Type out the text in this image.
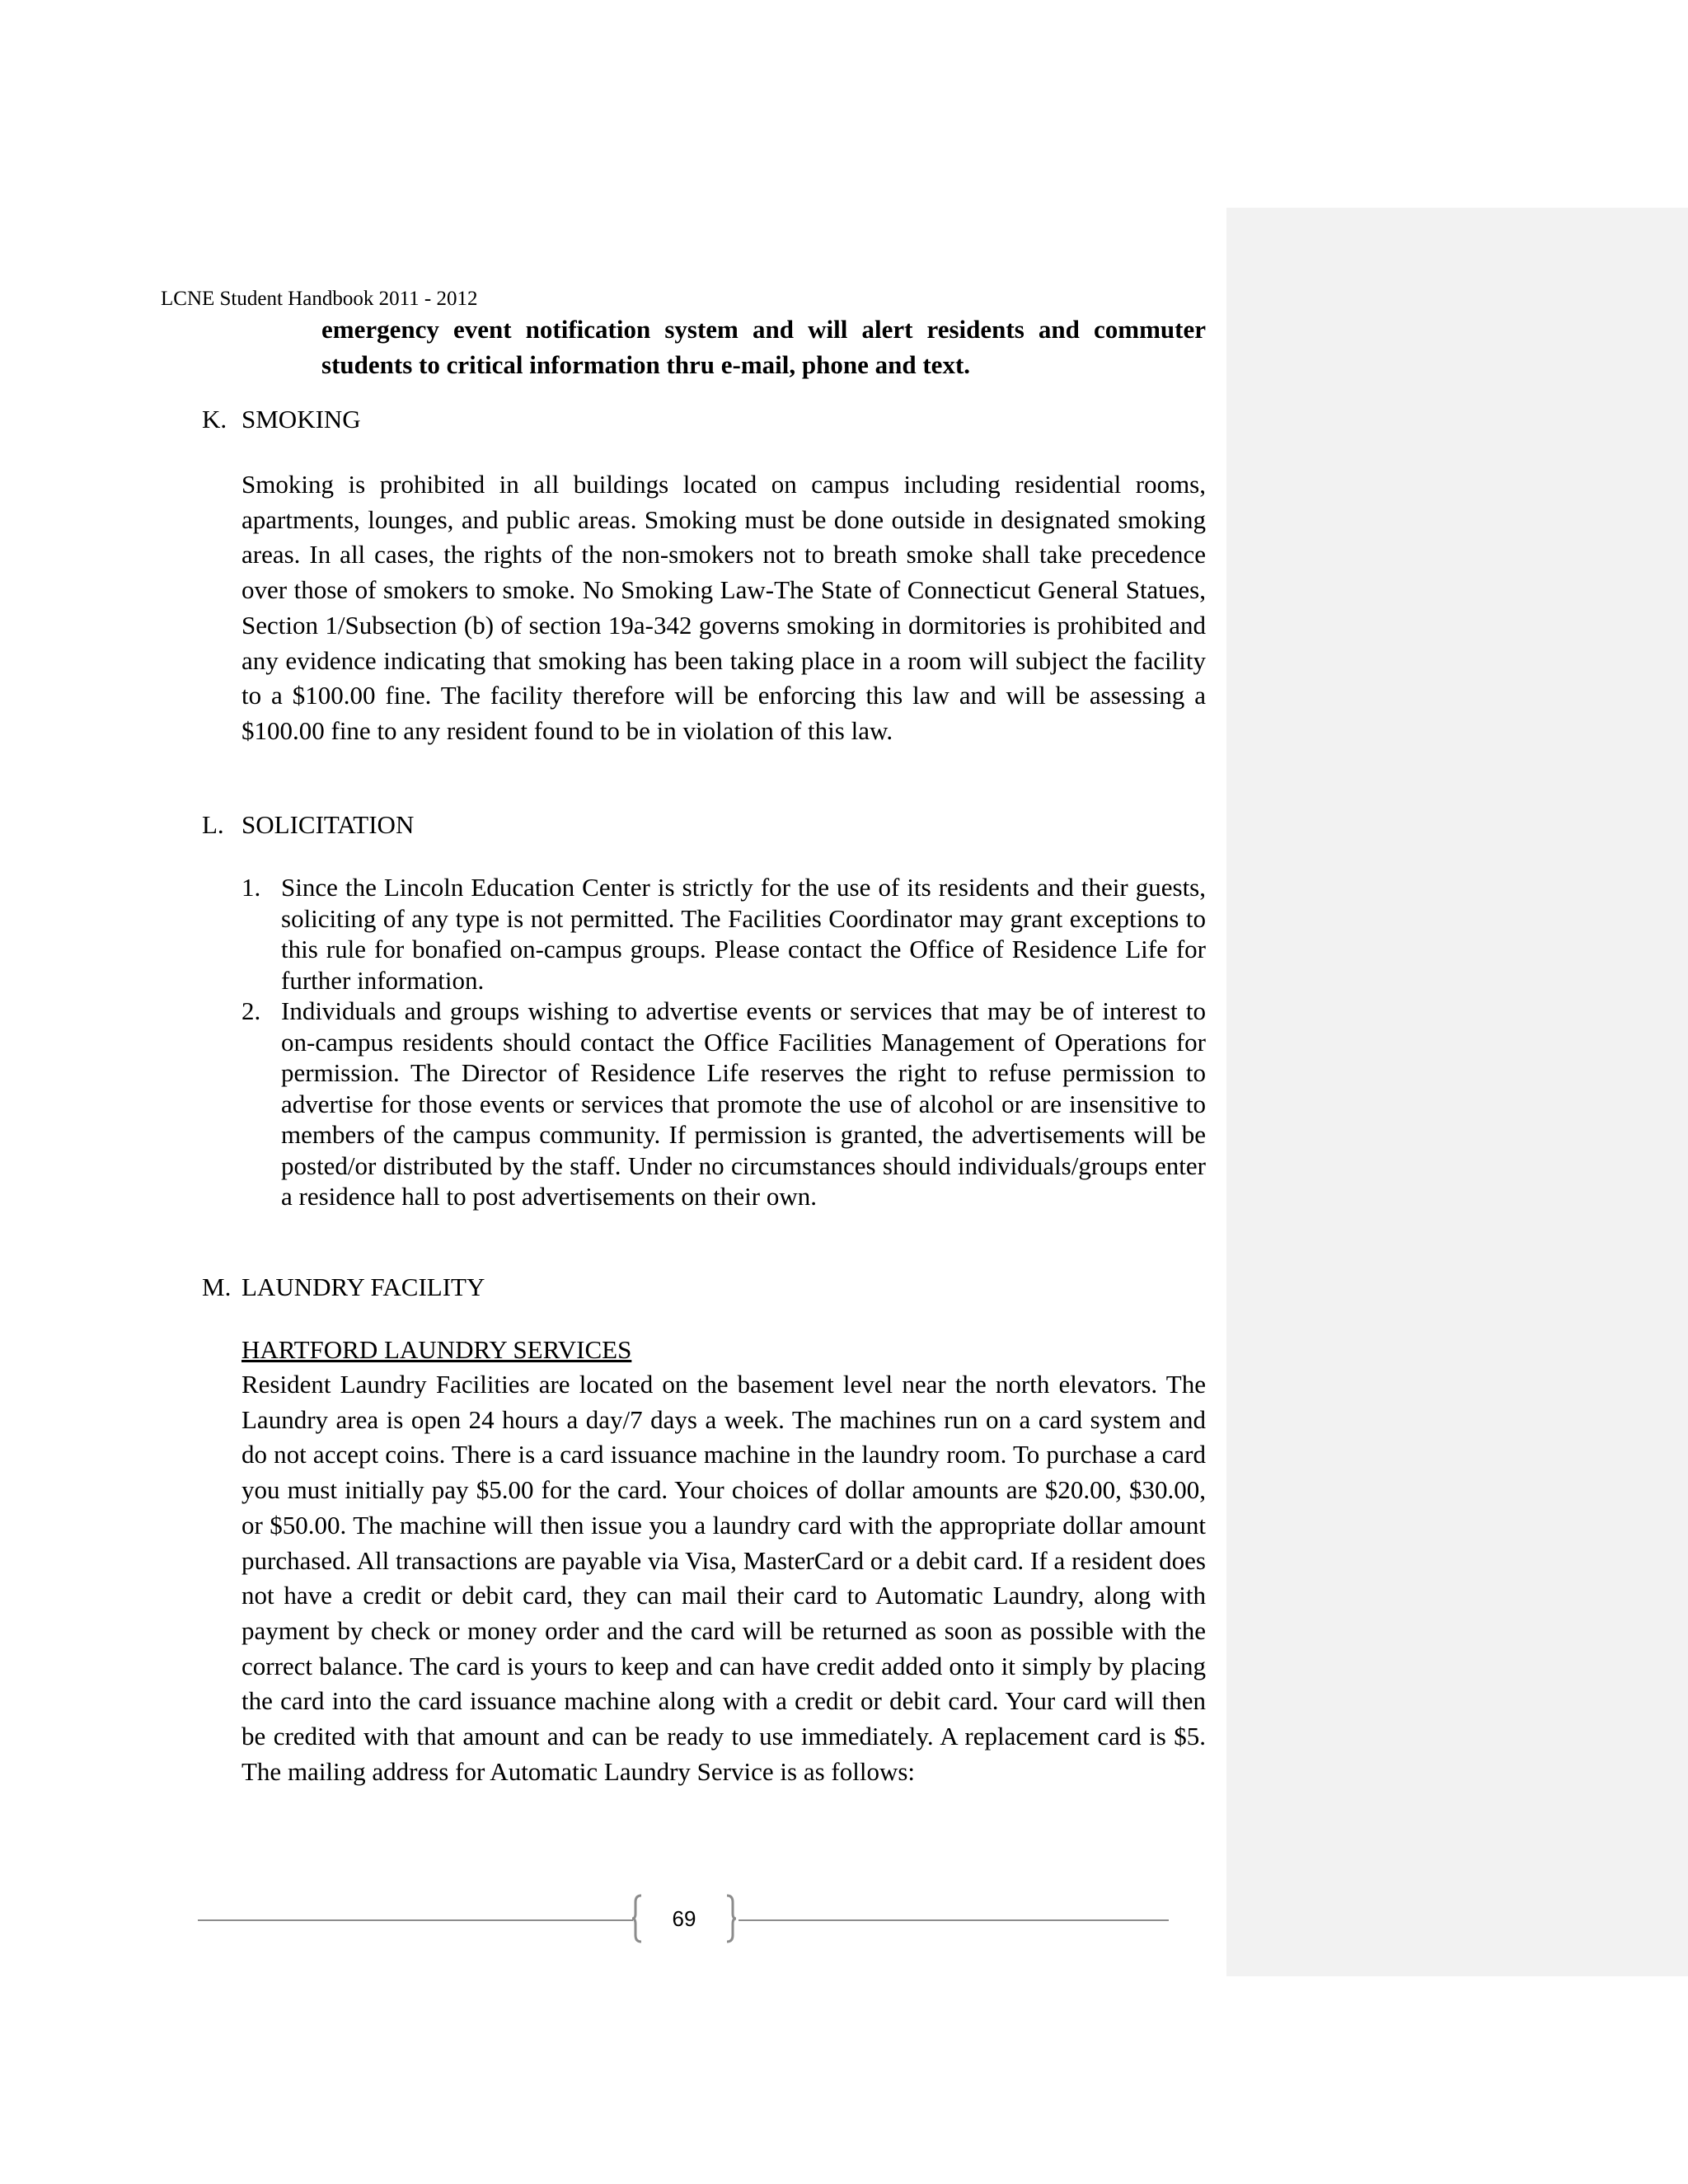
LCNE Student Handbook 2011 - 2012
emergency event notification system and will alert residents and commuter students to critical information thru e-mail, phone and text.
K. SMOKING

Smoking is prohibited in all buildings located on campus including residential rooms, apartments, lounges, and public areas. Smoking must be done outside in designated smoking areas. In all cases, the rights of the non-smokers not to breath smoke shall take precedence over those of smokers to smoke. No Smoking Law-The State of Connecticut General Statues, Section 1/Subsection (b) of section 19a-342 governs smoking in dormitories is prohibited and any evidence indicating that smoking has been taking place in a room will subject the facility to a $100.00 fine. The facility therefore will be enforcing this law and will be assessing a $100.00 fine to any resident found to be in violation of this law.

L. SOLICITATION
1. Since the Lincoln Education Center is strictly for the use of its residents and their guests, soliciting of any type is not permitted. The Facilities Coordinator may grant exceptions to this rule for bonafied on-campus groups. Please contact the Office of Residence Life for further information.
2. Individuals and groups wishing to advertise events or services that may be of interest to on-campus residents should contact the Office Facilities Management of Operations for permission. The Director of Residence Life reserves the right to refuse permission to advertise for those events or services that promote the use of alcohol or are insensitive to members of the campus community. If permission is granted, the advertisements will be posted/or distributed by the staff. Under no circumstances should individuals/groups enter a residence hall to post advertisements on their own.
M. LAUNDRY FACILITY
HARTFORD LAUNDRY SERVICES

Resident Laundry Facilities are located on the basement level near the north elevators. The Laundry area is open 24 hours a day/7 days a week. The machines run on a card system and do not accept coins. There is a card issuance machine in the laundry room. To purchase a card you must initially pay $5.00 for the card. Your choices of dollar amounts are $20.00, $30.00, or $50.00. The machine will then issue you a laundry card with the appropriate dollar amount purchased. All transactions are payable via Visa, MasterCard or a debit card. If a resident does not have a credit or debit card, they can mail their card to Automatic Laundry, along with payment by check or money order and the card will be returned as soon as possible with the correct balance. The card is yours to keep and can have credit added onto it simply by placing the card into the card issuance machine along with a credit or debit card. Your card will then be credited with that amount and can be ready to use immediately. A replacement card is $5. The mailing address for Automatic Laundry Service is as follows:

69
